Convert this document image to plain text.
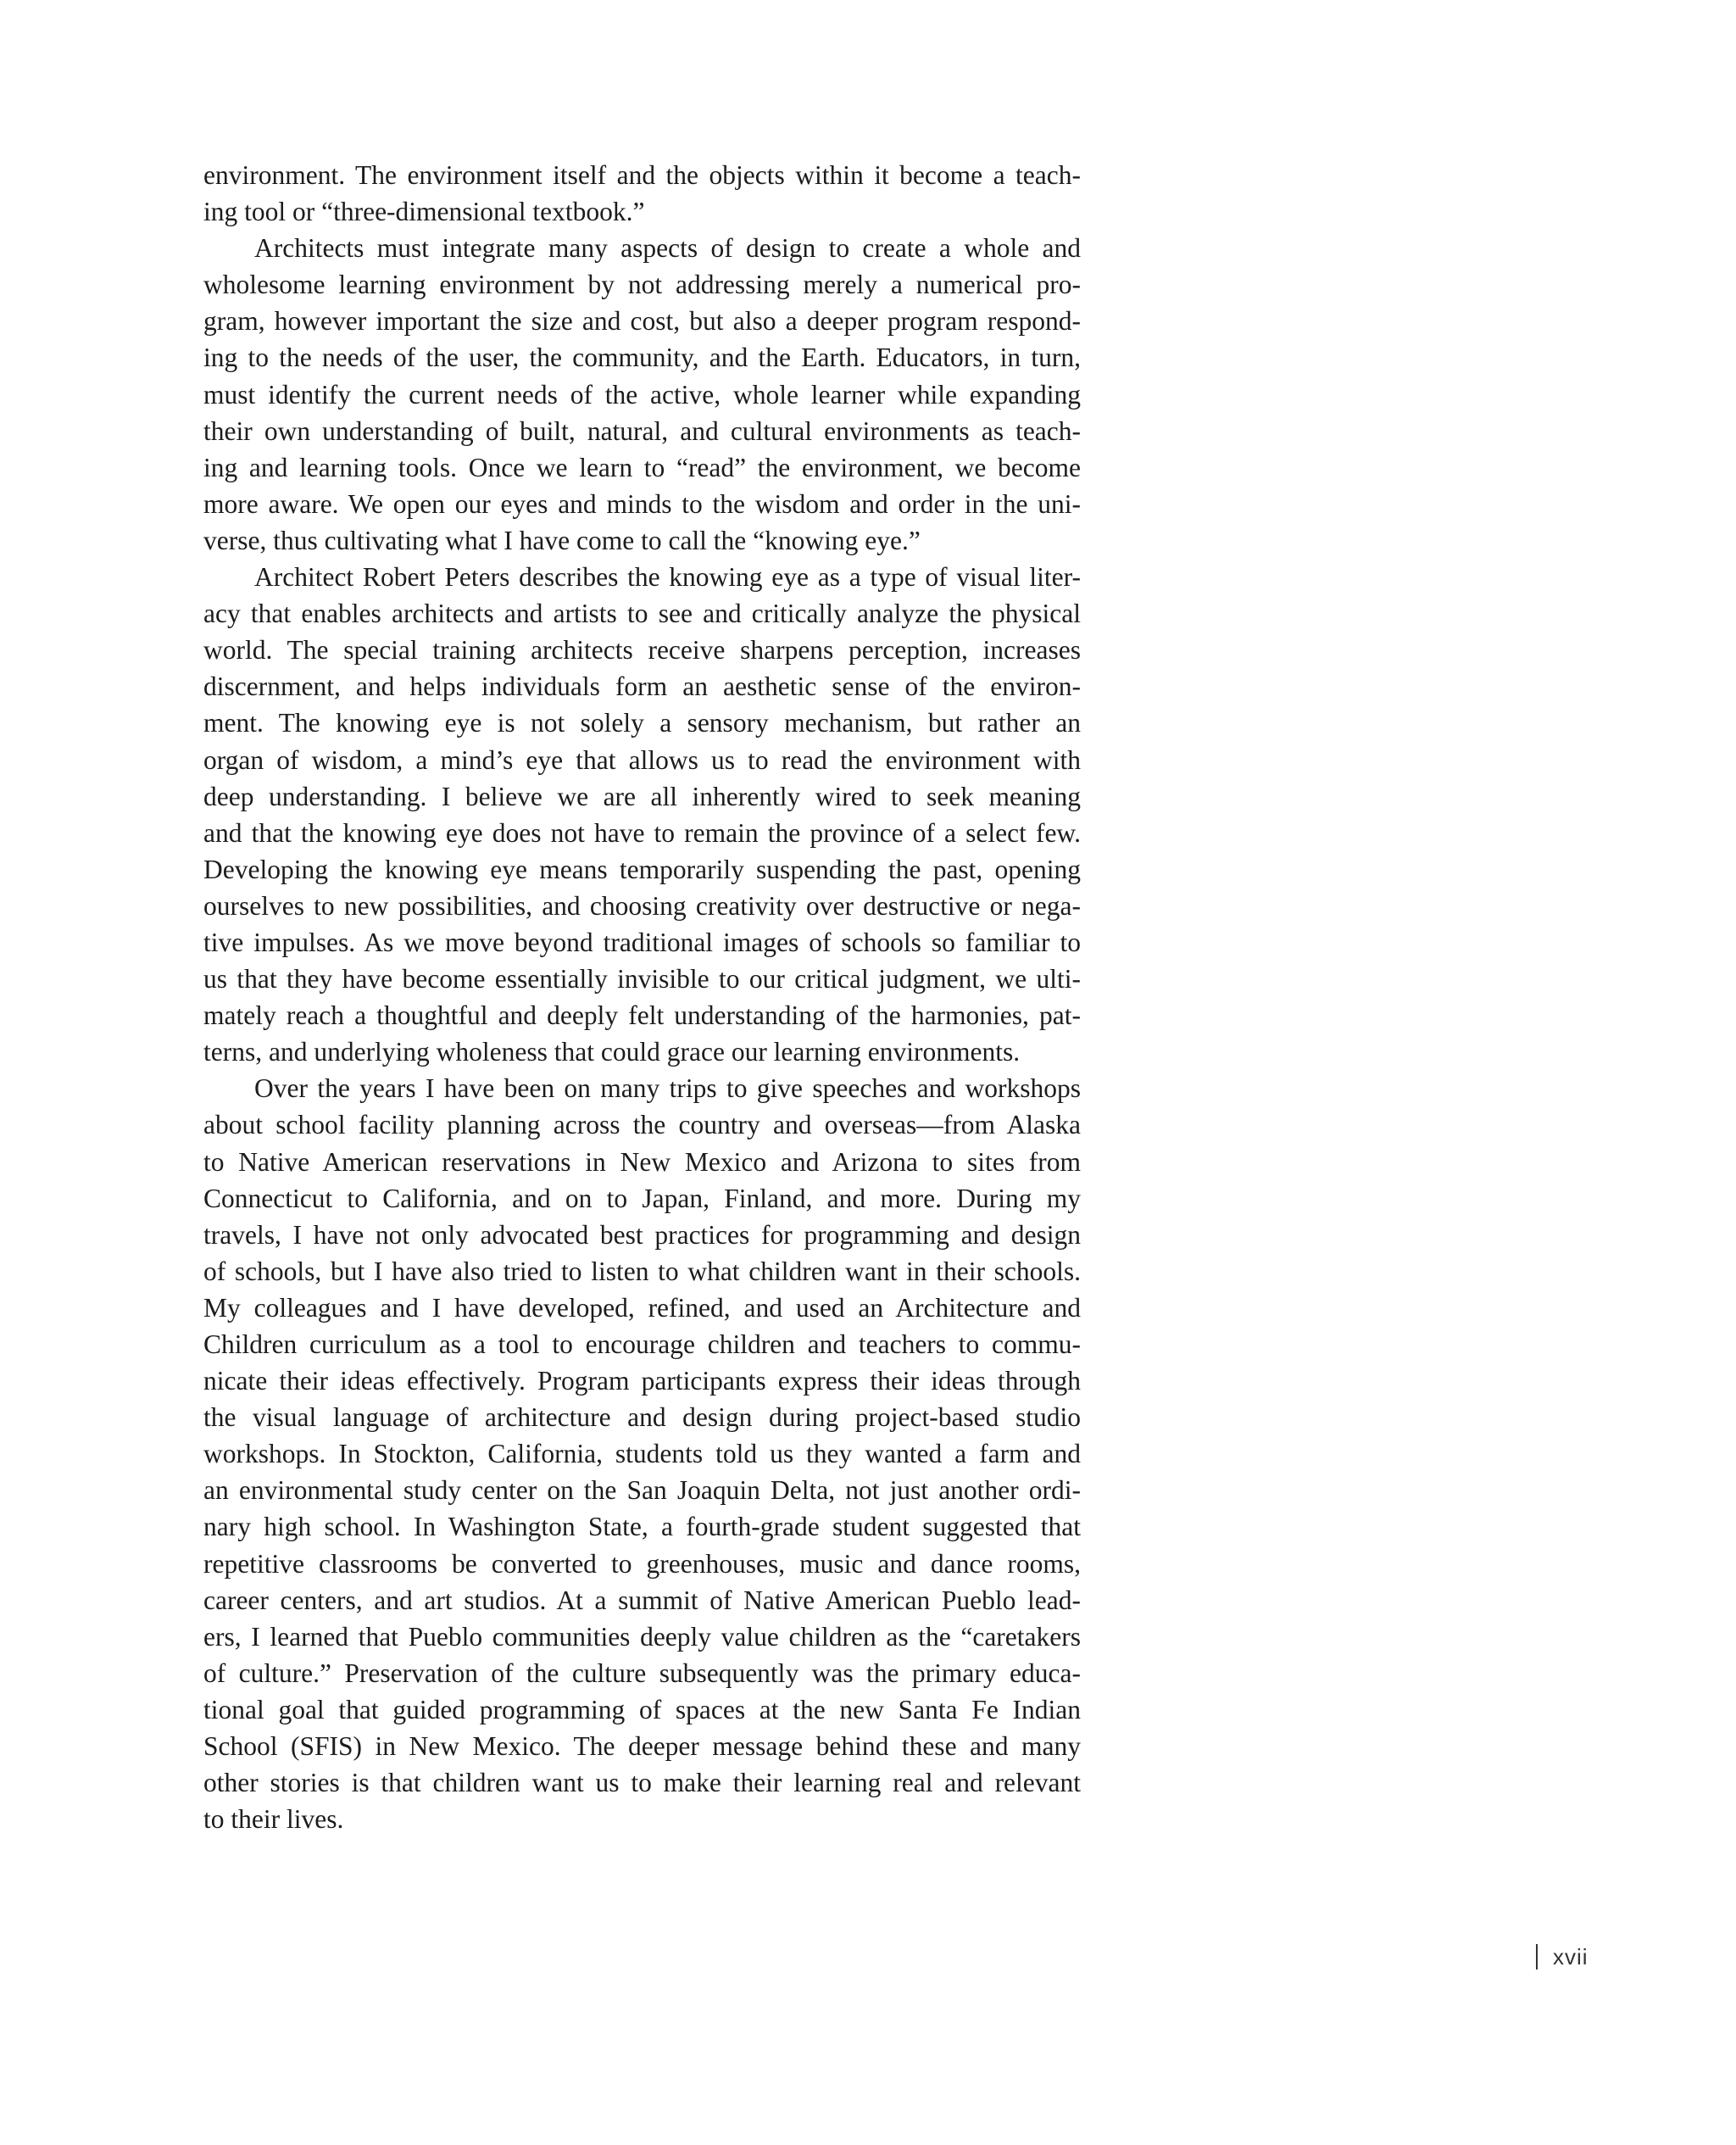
environment. The environment itself and the objects within it become a teach-
ing tool or “three-dimensional textbook.”
Architects must integrate many aspects of design to create a whole and
wholesome learning environment by not addressing merely a numerical pro-
gram, however important the size and cost, but also a deeper program respond-
ing to the needs of the user, the community, and the Earth. Educators, in turn,
must identify the current needs of the active, whole learner while expanding
their own understanding of built, natural, and cultural environments as teach-
ing and learning tools. Once we learn to “read” the environment, we become
more aware. We open our eyes and minds to the wisdom and order in the uni-
verse, thus cultivating what I have come to call the “knowing eye.”
Architect Robert Peters describes the knowing eye as a type of visual liter-
acy that enables architects and artists to see and critically analyze the physical
world. The special training architects receive sharpens perception, increases
discernment, and helps individuals form an aesthetic sense of the environ-
ment. The knowing eye is not solely a sensory mechanism, but rather an
organ of wisdom, a mind’s eye that allows us to read the environment with
deep understanding. I believe we are all inherently wired to seek meaning
and that the knowing eye does not have to remain the province of a select few.
Developing the knowing eye means temporarily suspending the past, opening
ourselves to new possibilities, and choosing creativity over destructive or nega-
tive impulses. As we move beyond traditional images of schools so familiar to
us that they have become essentially invisible to our critical judgment, we ulti-
mately reach a thoughtful and deeply felt understanding of the harmonies, pat-
terns, and underlying wholeness that could grace our learning environments.
Over the years I have been on many trips to give speeches and workshops
about school facility planning across the country and overseas—from Alaska
to Native American reservations in New Mexico and Arizona to sites from
Connecticut to California, and on to Japan, Finland, and more. During my
travels, I have not only advocated best practices for programming and design
of schools, but I have also tried to listen to what children want in their schools.
My colleagues and I have developed, refined, and used an Architecture and
Children curriculum as a tool to encourage children and teachers to commu-
nicate their ideas effectively. Program participants express their ideas through
the visual language of architecture and design during project-based studio
workshops. In Stockton, California, students told us they wanted a farm and
an environmental study center on the San Joaquin Delta, not just another ordi-
nary high school. In Washington State, a fourth-grade student suggested that
repetitive classrooms be converted to greenhouses, music and dance rooms,
career centers, and art studios. At a summit of Native American Pueblo lead-
ers, I learned that Pueblo communities deeply value children as the “caretakers
of culture.” Preservation of the culture subsequently was the primary educa-
tional goal that guided programming of spaces at the new Santa Fe Indian
School (SFIS) in New Mexico. The deeper message behind these and many
other stories is that children want us to make their learning real and relevant
to their lives.
xvii
